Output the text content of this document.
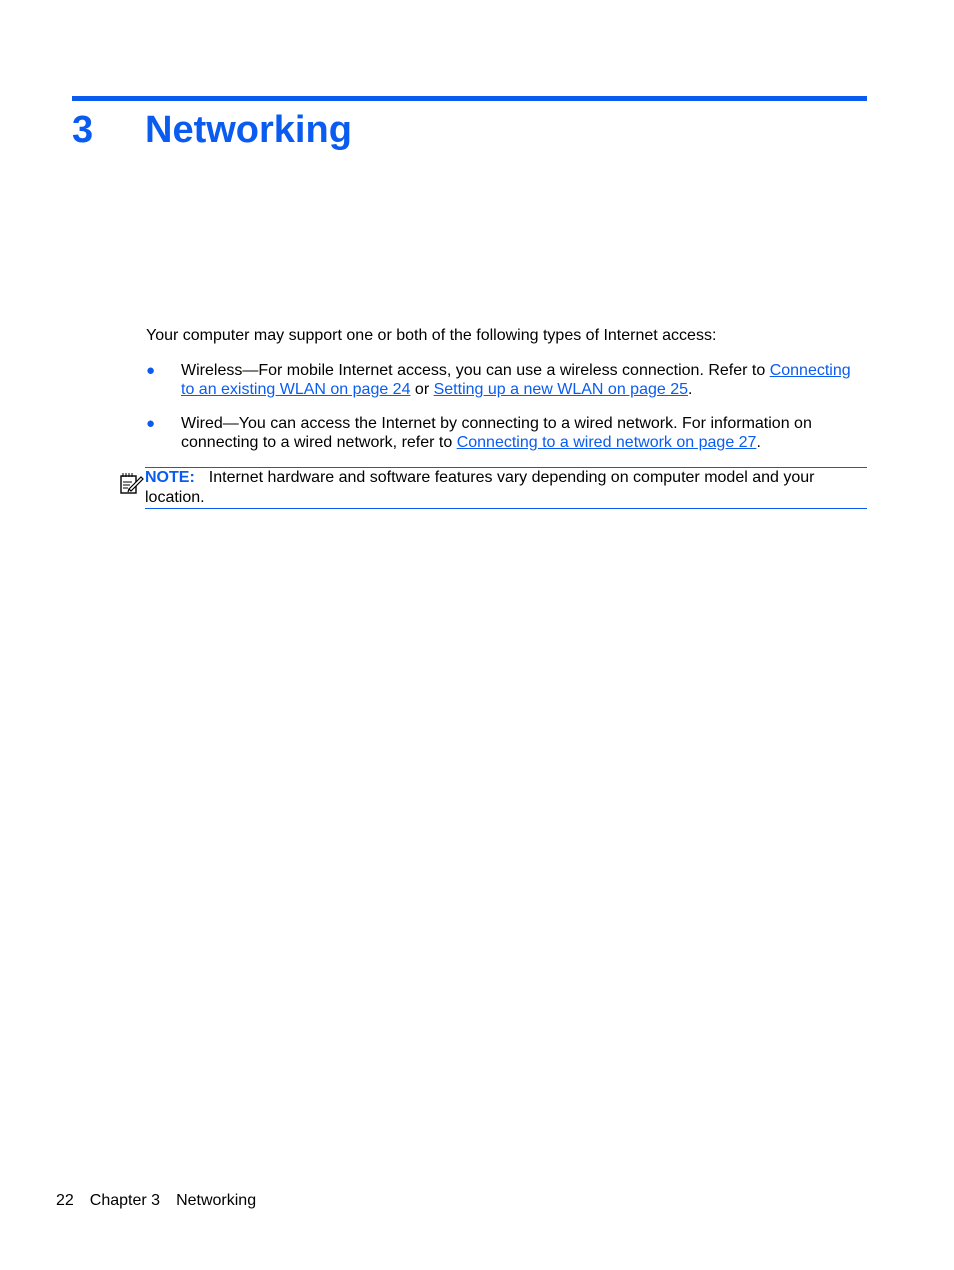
3 Networking
Your computer may support one or both of the following types of Internet access:
● Wireless—For mobile Internet access, you can use a wireless connection. Refer to Connecting to an existing WLAN on page 24 or Setting up a new WLAN on page 25.
● Wired—You can access the Internet by connecting to a wired network. For information on connecting to a wired network, refer to Connecting to a wired network on page 27.
NOTE: Internet hardware and software features vary depending on computer model and your location.
22 Chapter 3 Networking
